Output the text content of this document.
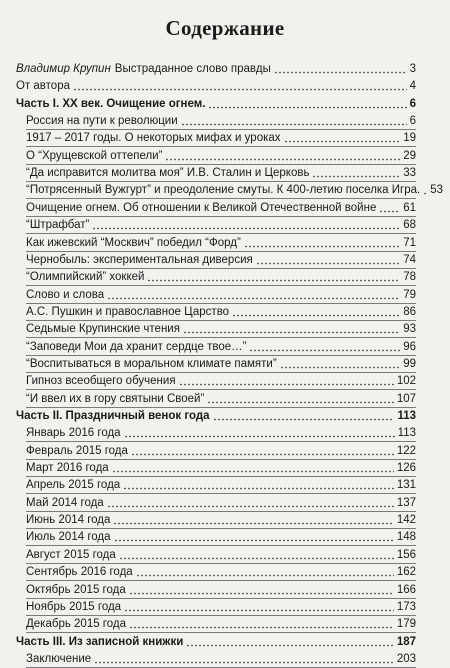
Содержание
Владимир Крупин Выстраданное слово правды	3
От автора	4
Часть I. XX век. Очищение огнем.	6
Россия на пути к революции	6
1917 – 2017 годы. О некоторых мифах и уроках	19
О “Хрущевской оттепели”	29
“Да исправится молитва моя” И.В. Сталин и Церковь	33
“Потрясенный Вужгурт” и преодоление смуты. К 400-летию поселка Игра. 53
Очищение огнем. Об отношении к Великой Отечественной войне 61
“Штрафбат”	68
Как ижевский “Москвич” победил “Форд”	71
Чернобыль: экспериментальная диверсия	74
“Олимпийский” хоккей	78
Слово и слова	79
А.С. Пушкин и православное Царство	86
Седьмые Крупинские чтения	93
“Заповеди Мои да хранит сердце твое…”	96
“Воспитываться в моральном климате памяти”	99
Гипноз всеобщего обучения	102
“И ввел их в гору святыни Своей”	107
Часть II. Праздничный венок года	113
Январь 2016 года	113
Февраль 2015 года	122
Март 2016 года	126
Апрель 2015 года	131
Май 2014 года	137
Июнь 2014 года	142
Июль 2014 года	148
Август 2015 года	156
Сентябрь 2016 года	162
Октябрь 2015 года	166
Ноябрь 2015 года	173
Декабрь 2015 года	179
Часть III. Из записной книжки	187
Заключение	203
